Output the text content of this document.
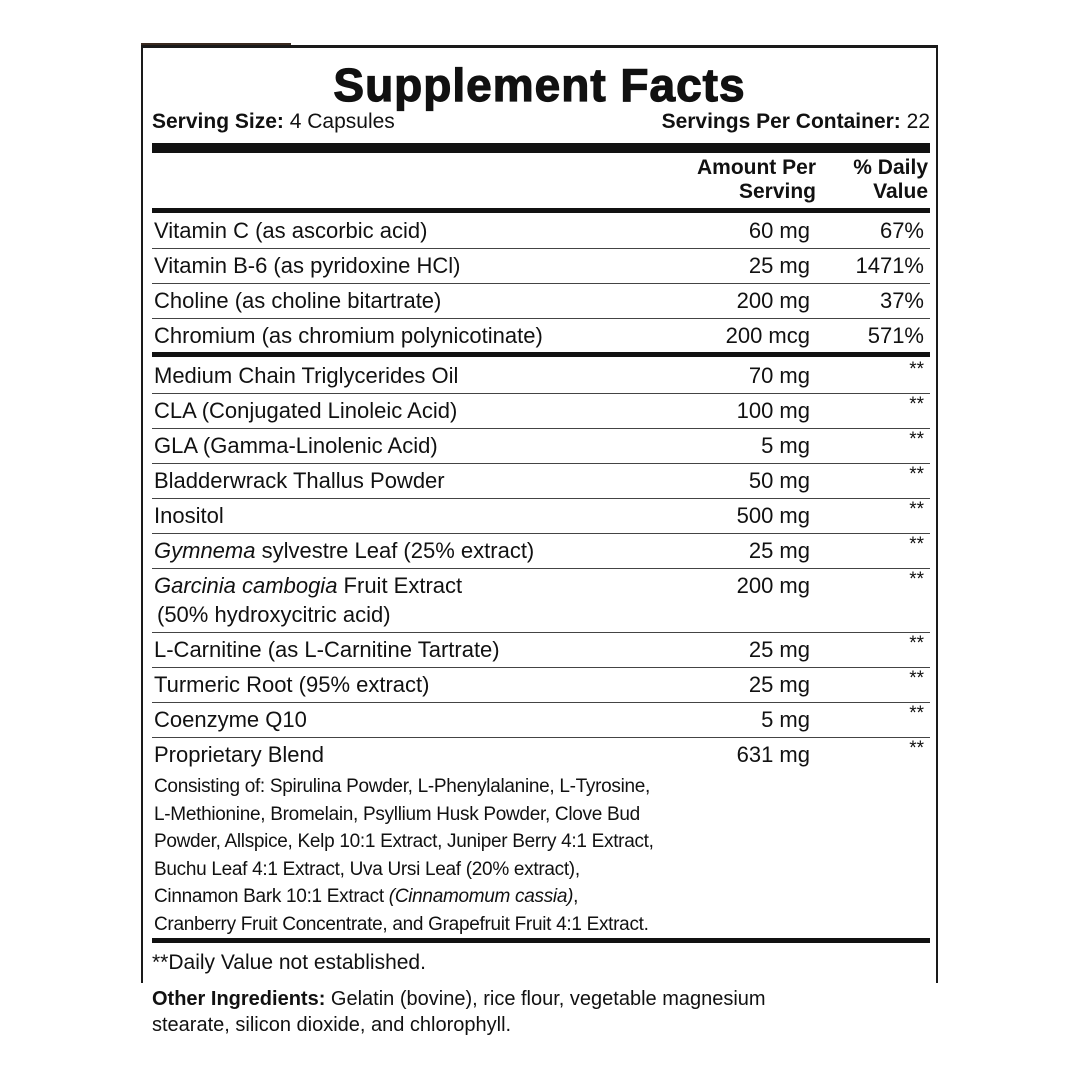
Supplement Facts
Serving Size: 4 Capsules	Servings Per Container: 22
Amount Per
Serving
% Daily
Value
Vitamin C (as ascorbic acid)	60 mg	67%
Vitamin B-6 (as pyridoxine HCl)	25 mg 1471%
Choline (as choline bitartrate)	200 mg	37%
Chromium (as chromium polynicotinate)	200 mcg	571%
Medium Chain Triglycerides Oil	70 mg	**
CLA (Conjugated Linoleic Acid)	100 mg	**
GLA (Gamma-Linolenic Acid)	5 mg	**
Bladderwrack Thallus Powder	50 mg	**
Inositol	500 mg	**
Gymnema sylvestre Leaf (25% extract)	25 mg	**
Garcinia cambogia Fruit Extract	200 mg	**
(50% hydroxycitric acid)
L-Carnitine (as L-Carnitine Tartrate)	25 mg	**
Turmeric Root (95% extract)	25 mg	**
Coenzyme Q10	5 mg	**
Proprietary Blend	631 mg	**
Consisting of: Spirulina Powder, L-Phenylalanine, L-Tyrosine,
L-Methionine, Bromelain, Psyllium Husk Powder, Clove Bud
Powder, Allspice, Kelp 10:1 Extract, Juniper Berry 4:1 Extract,
Buchu Leaf 4:1 Extract, Uva Ursi Leaf (20% extract),
Cinnamon Bark 10:1 Extract (Cinnamomum cassia),
Cranberry Fruit Concentrate, and Grapefruit Fruit 4:1 Extract.
**Daily Value not established.
Other Ingredients: Gelatin (bovine), rice flour, vegetable magnesium
stearate, silicon dioxide, and chlorophyll.
